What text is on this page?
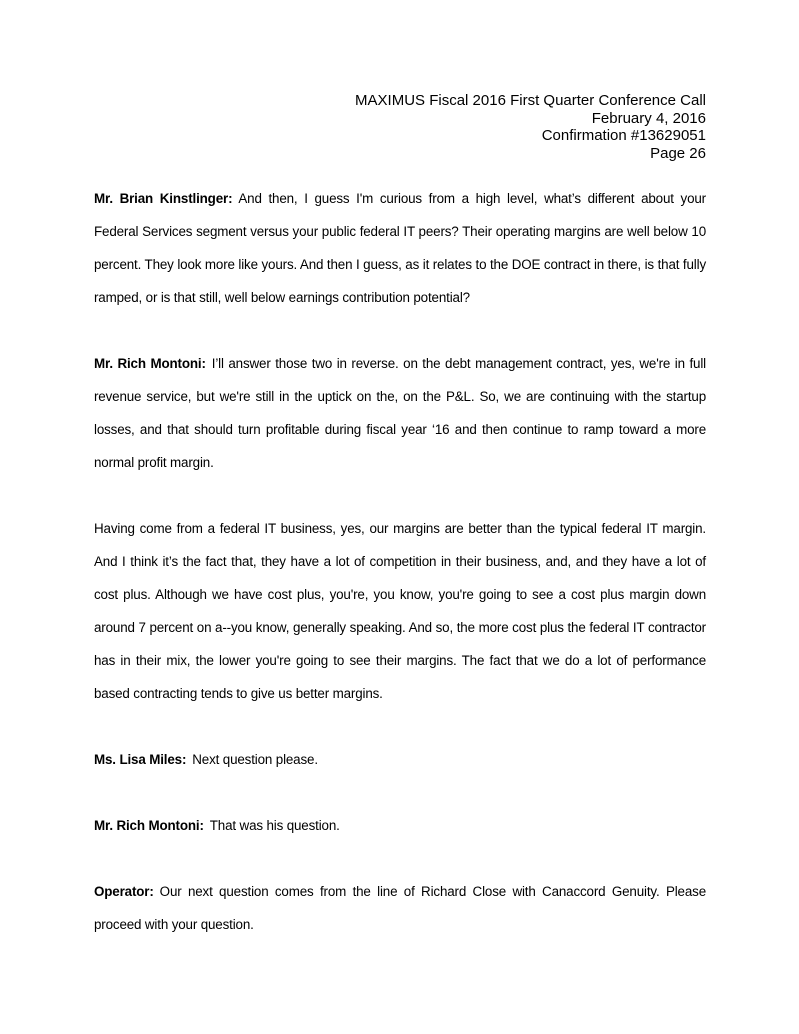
MAXIMUS Fiscal 2016 First Quarter Conference Call
February 4, 2016
Confirmation #13629051
Page 26

Mr. Brian Kinstlinger: And then, I guess I'm curious from a high level, what’s different about your Federal Services segment versus your public federal IT peers? Their operating margins are well below 10 percent. They look more like yours. And then I guess, as it relates to the DOE contract in there, is that fully ramped, or is that still, well below earnings contribution potential?

Mr. Rich Montoni: I’ll answer those two in reverse. on the debt management contract, yes, we're in full revenue service, but we're still in the uptick on the, on the P&L. So, we are continuing with the startup losses, and that should turn profitable during fiscal year ‘16 and then continue to ramp toward a more normal profit margin.

Having come from a federal IT business, yes, our margins are better than the typical federal IT margin. And I think it’s the fact that, they have a lot of competition in their business, and, and they have a lot of cost plus. Although we have cost plus, you're, you know, you're going to see a cost plus margin down around 7 percent on a--you know, generally speaking. And so, the more cost plus the federal IT contractor has in their mix, the lower you're going to see their margins. The fact that we do a lot of performance based contracting tends to give us better margins.

Ms. Lisa Miles: Next question please.

Mr. Rich Montoni: That was his question.

Operator: Our next question comes from the line of Richard Close with Canaccord Genuity. Please proceed with your question.
